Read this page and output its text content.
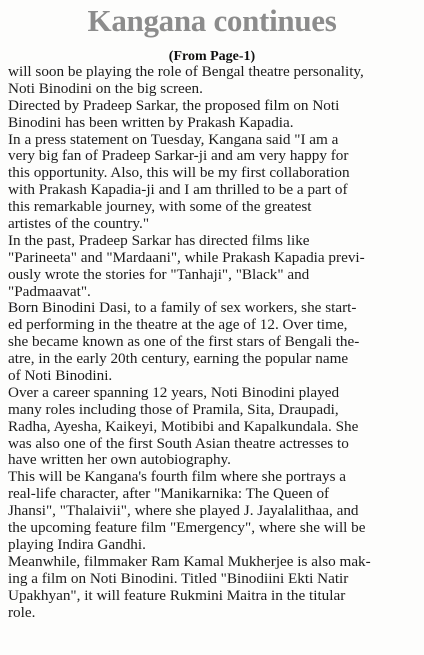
Kangana continues
(From Page-1)
will soon be playing the role of Bengal theatre personality,
Noti Binodini on the big screen.
Directed by Pradeep Sarkar, the proposed film on Noti
Binodini has been written by Prakash Kapadia.
In a press statement on Tuesday, Kangana said "I am a
very big fan of Pradeep Sarkar-ji and am very happy for
this opportunity. Also, this will be my first collaboration
with Prakash Kapadia-ji and I am thrilled to be a part of
this remarkable journey, with some of the greatest
artistes of the country."
In the past, Pradeep Sarkar has directed films like
"Parineeta" and "Mardaani", while Prakash Kapadia previ-
ously wrote the stories for "Tanhaji", "Black" and
"Padmaavat".
Born Binodini Dasi, to a family of sex workers, she start-
ed performing in the theatre at the age of 12. Over time,
she became known as one of the first stars of Bengali the-
atre, in the early 20th century, earning the popular name
of Noti Binodini.
Over a career spanning 12 years, Noti Binodini played
many roles including those of Pramila, Sita, Draupadi,
Radha, Ayesha, Kaikeyi, Motibibi and Kapalkundala. She
was also one of the first South Asian theatre actresses to
have written her own autobiography.
This will be Kangana's fourth film where she portrays a
real-life character, after "Manikarnika: The Queen of
Jhansi", "Thalaivii", where she played J. Jayalalithaa, and
the upcoming feature film "Emergency", where she will be
playing Indira Gandhi.
Meanwhile, filmmaker Ram Kamal Mukherjee is also mak-
ing a film on Noti Binodini. Titled "Binodiini Ekti Natir
Upakhyan", it will feature Rukmini Maitra in the titular
role.
